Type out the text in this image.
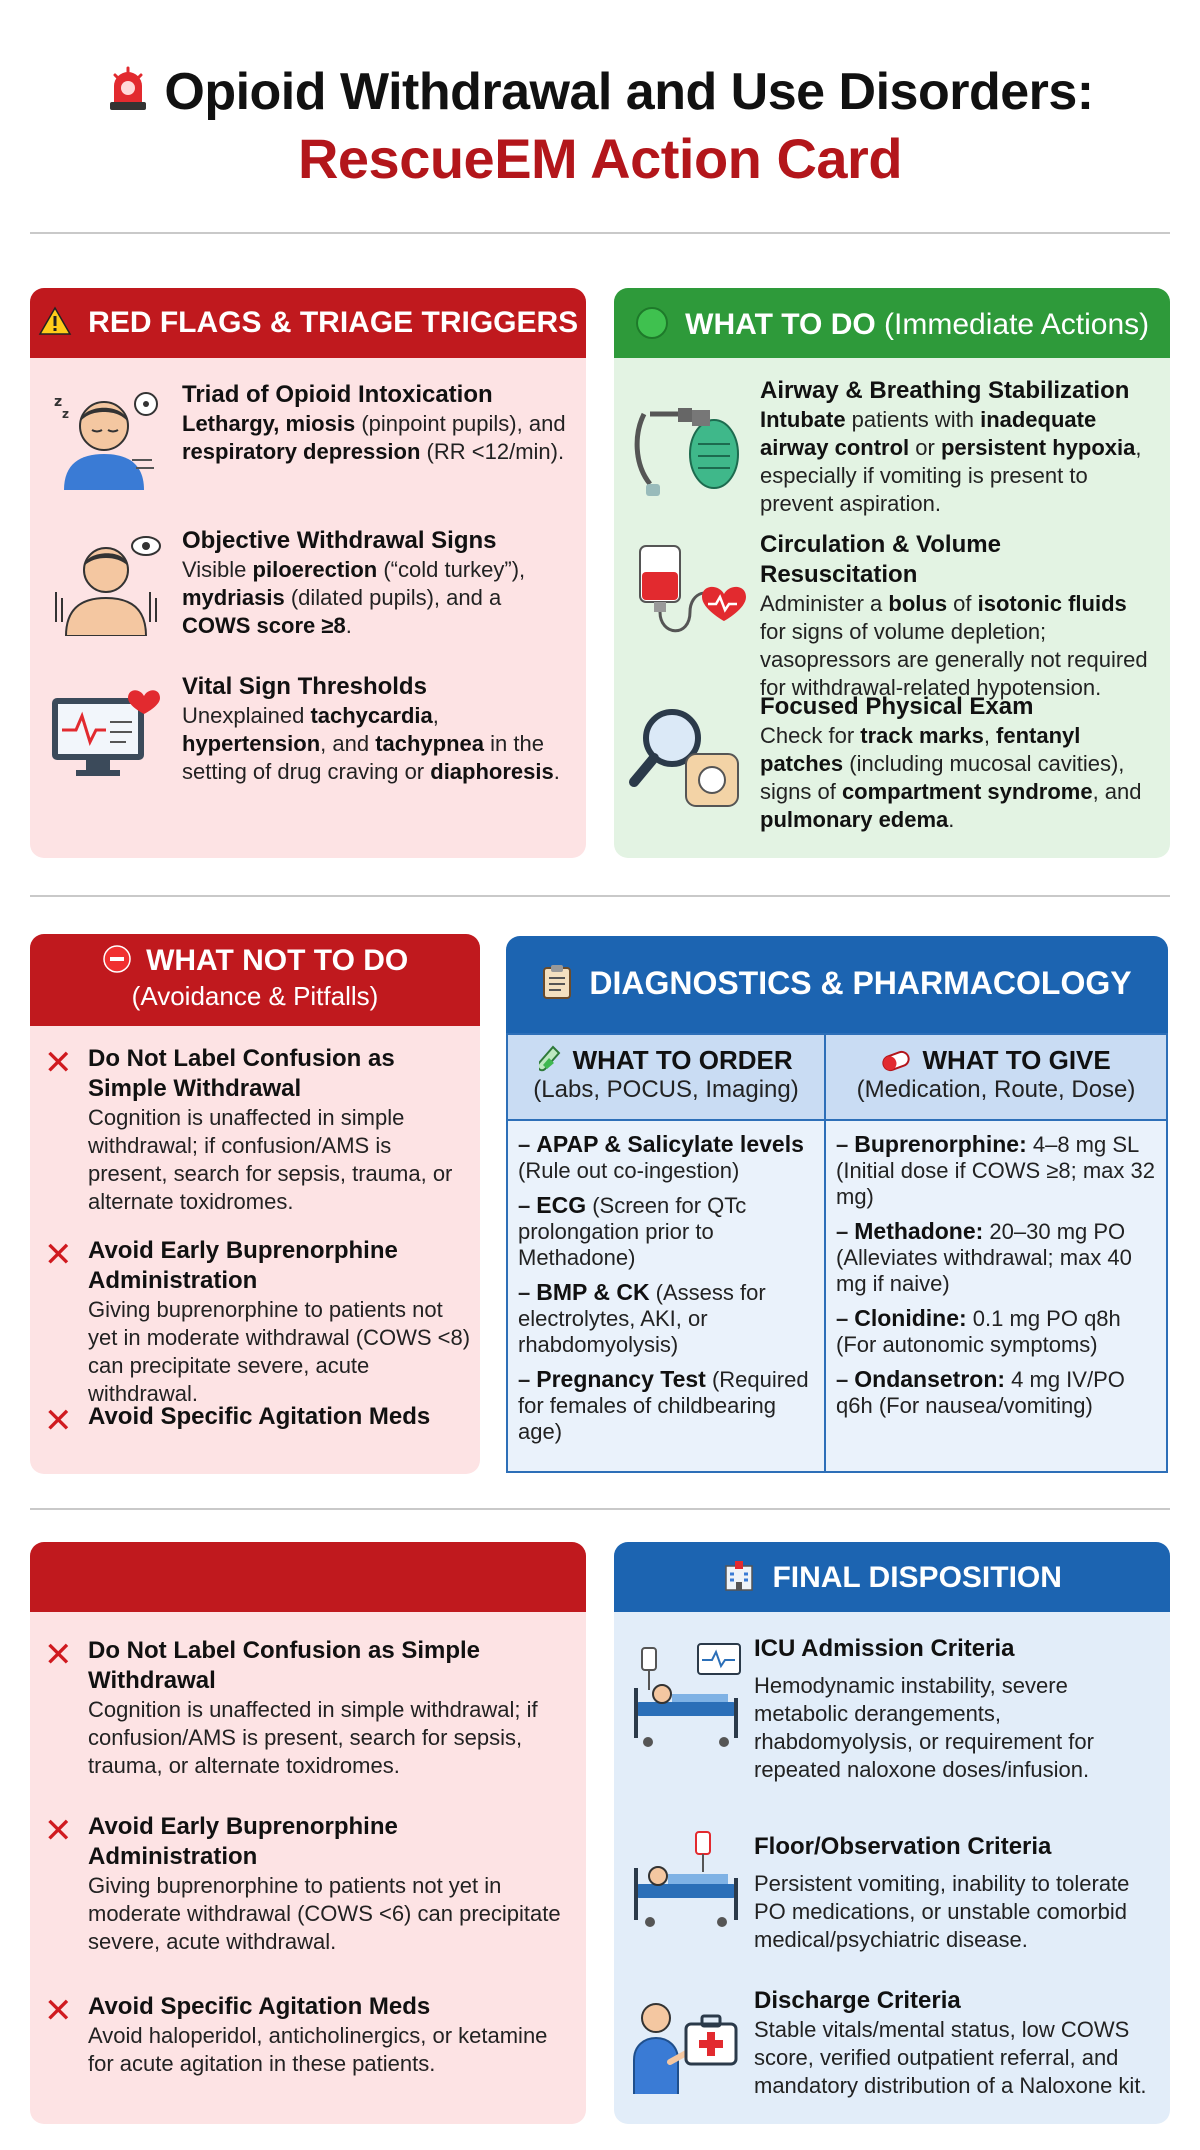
Opioid Withdrawal and Use Disorders:
RescueEM Action Card
RED FLAGS & TRIAGE TRIGGERS
z
z
Triad of Opioid Intoxication
Lethargy, miosis (pinpoint pupils), and respiratory depression (RR <12/min).
Objective Withdrawal Signs
Visible piloerection (“cold turkey”), mydriasis (dilated pupils), and a COWS score ≥8.
Vital Sign Thresholds
Unexplained tachycardia, hypertension, and tachypnea in the setting of drug craving or diaphoresis.
WHAT TO DO (Immediate Actions)
Airway & Breathing Stabilization
Intubate patients with inadequate airway control or persistent hypoxia, especially if vomiting is present to prevent aspiration.
Circulation & Volume Resuscitation
Administer a bolus of isotonic fluids for signs of volume depletion; vasopressors are generally not required for withdrawal-related hypotension.
Focused Physical Exam
Check for track marks, fentanyl patches (including mucosal cavities), signs of compartment syndrome, and pulmonary edema.
WHAT NOT TO DO
(Avoidance & Pitfalls)
✕ Do Not Label Confusion as Simple Withdrawal
Cognition is unaffected in simple withdrawal; if confusion/AMS is present, search for sepsis, trauma, or alternate toxidromes.
✕ Avoid Early Buprenorphine Administration
Giving buprenorphine to patients not yet in moderate withdrawal (COWS <8) can precipitate severe, acute withdrawal.
✕ Avoid Specific Agitation Meds
DIAGNOSTICS & PHARMACOLOGY
WHAT TO ORDER
(Labs, POCUS, Imaging)
– APAP & Salicylate levels (Rule out co-ingestion)
– ECG (Screen for QTc prolongation prior to Methadone)
– BMP & CK (Assess for electrolytes, AKI, or rhabdomyolysis)
– Pregnancy Test (Required for females of childbearing age)
WHAT TO GIVE
(Medication, Route, Dose)
– Buprenorphine: 4–8 mg SL (Initial dose if COWS ≥8; max 32 mg)
– Methadone: 20–30 mg PO (Alleviates withdrawal; max 40 mg if naive)
– Clonidine: 0.1 mg PO q8h (For autonomic symptoms)
– Ondansetron: 4 mg IV/PO q6h (For nausea/vomiting)
✕ Do Not Label Confusion as Simple Withdrawal
Cognition is unaffected in simple withdrawal; if confusion/AMS is present, search for sepsis, trauma, or alternate toxidromes.
✕ Avoid Early Buprenorphine Administration
Giving buprenorphine to patients not yet in moderate withdrawal (COWS <6) can precipitate severe, acute withdrawal.
✕ Avoid Specific Agitation Meds
Avoid haloperidol, anticholinergics, or ketamine for acute agitation in these patients.
FINAL DISPOSITION
ICU Admission Criteria
Hemodynamic instability, severe metabolic derangements, rhabdomyolysis, or requirement for repeated naloxone doses/infusion.
Floor/Observation Criteria
Persistent vomiting, inability to tolerate PO medications, or unstable comorbid medical/psychiatric disease.
Discharge Criteria
Stable vitals/mental status, low COWS score, verified outpatient referral, and mandatory distribution of a Naloxone kit.
